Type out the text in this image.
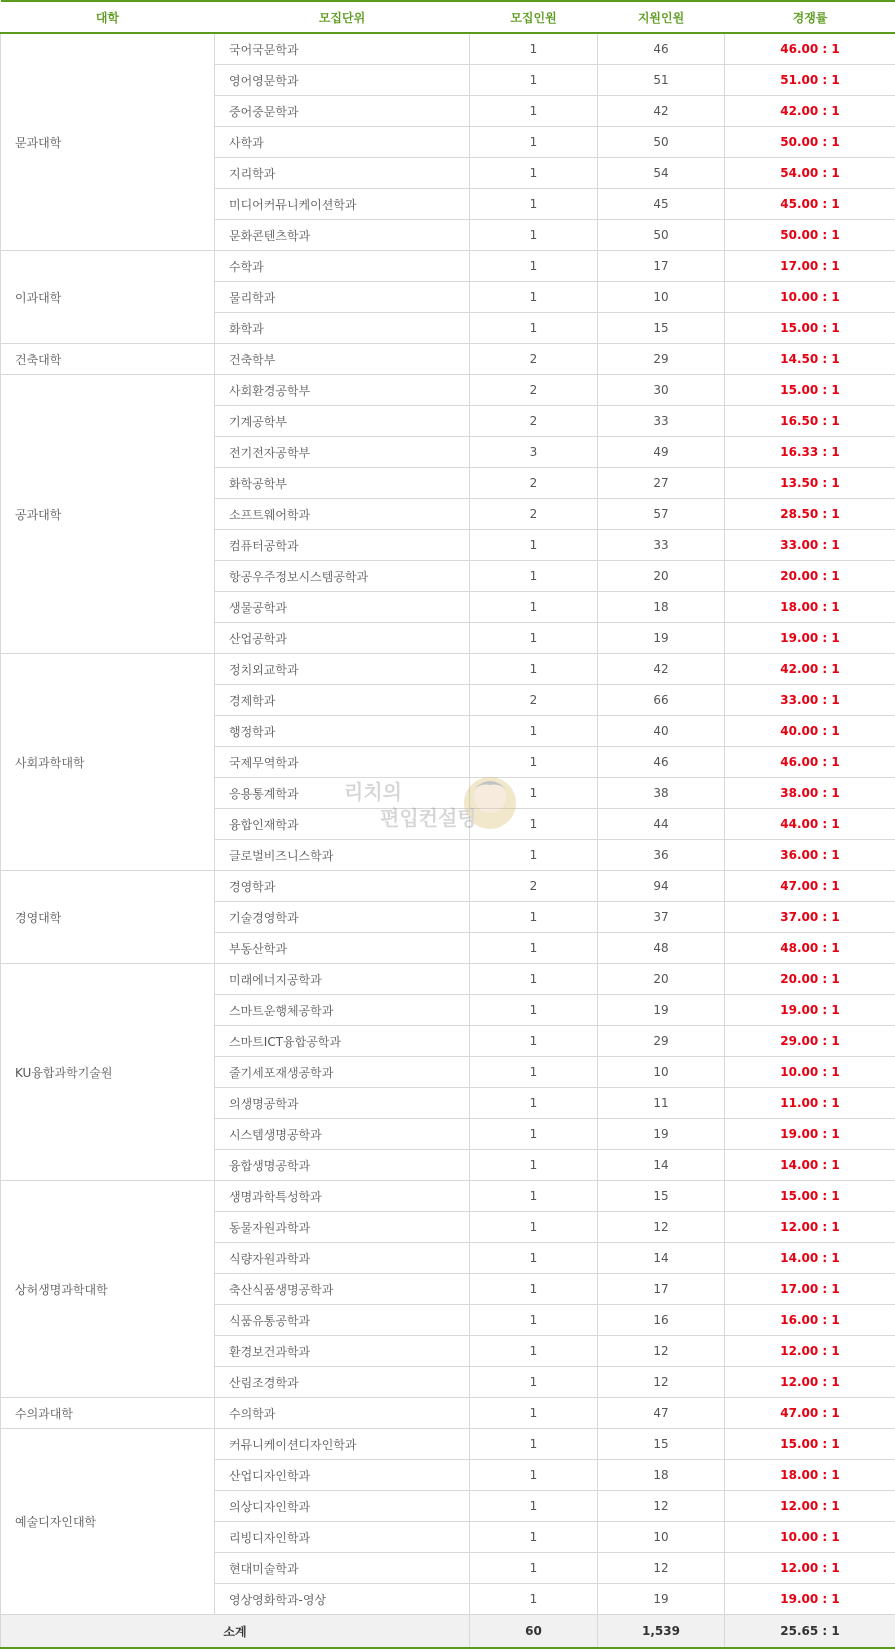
대학	모집단위	모집인원	지원인원	경쟁률
문과대학	국어국문학과	1	46	46.00 : 1
	영어영문학과	1	51	51.00 : 1
	중어중문학과	1	42	42.00 : 1
	사학과	1	50	50.00 : 1
	지리학과	1	54	54.00 : 1
	미디어커뮤니케이션학과	1	45	45.00 : 1
	문화콘텐츠학과	1	50	50.00 : 1
이과대학	수학과	1	17	17.00 : 1
	물리학과	1	10	10.00 : 1
	화학과	1	15	15.00 : 1
건축대학	건축학부	2	29	14.50 : 1
공과대학	사회환경공학부	2	30	15.00 : 1
	기계공학부	2	33	16.50 : 1
	전기전자공학부	3	49	16.33 : 1
	화학공학부	2	27	13.50 : 1
	소프트웨어학과	2	57	28.50 : 1
	컴퓨터공학과	1	33	33.00 : 1
	항공우주정보시스템공학과	1	20	20.00 : 1
	생물공학과	1	18	18.00 : 1
	산업공학과	1	19	19.00 : 1
사회과학대학	정치외교학과	1	42	42.00 : 1
	경제학과	2	66	33.00 : 1
	행정학과	1	40	40.00 : 1
	국제무역학과	1	46	46.00 : 1
	응용통계학과	1	38	38.00 : 1
	융합인재학과	1	44	44.00 : 1
	글로벌비즈니스학과	1	36	36.00 : 1
경영대학	경영학과	2	94	47.00 : 1
	기술경영학과	1	37	37.00 : 1
	부동산학과	1	48	48.00 : 1
KU융합과학기술원	미래에너지공학과	1	20	20.00 : 1
	스마트운행체공학과	1	19	19.00 : 1
	스마트ICT융합공학과	1	29	29.00 : 1
	줄기세포재생공학과	1	10	10.00 : 1
	의생명공학과	1	11	11.00 : 1
	시스템생명공학과	1	19	19.00 : 1
	융합생명공학과	1	14	14.00 : 1
상허생명과학대학	생명과학특성학과	1	15	15.00 : 1
	동물자원과학과	1	12	12.00 : 1
	식량자원과학과	1	14	14.00 : 1
	축산식품생명공학과	1	17	17.00 : 1
	식품유통공학과	1	16	16.00 : 1
	환경보건과학과	1	12	12.00 : 1
	산림조경학과	1	12	12.00 : 1
수의과대학	수의학과	1	47	47.00 : 1
예술디자인대학	커뮤니케이션디자인학과	1	15	15.00 : 1
	산업디자인학과	1	18	18.00 : 1
	의상디자인학과	1	12	12.00 : 1
	리빙디자인학과	1	10	10.00 : 1
	현대미술학과	1	12	12.00 : 1
	영상영화학과-영상	1	19	19.00 : 1
소계		60	1,539	25.65 : 1
리치의
편입컨설팅
